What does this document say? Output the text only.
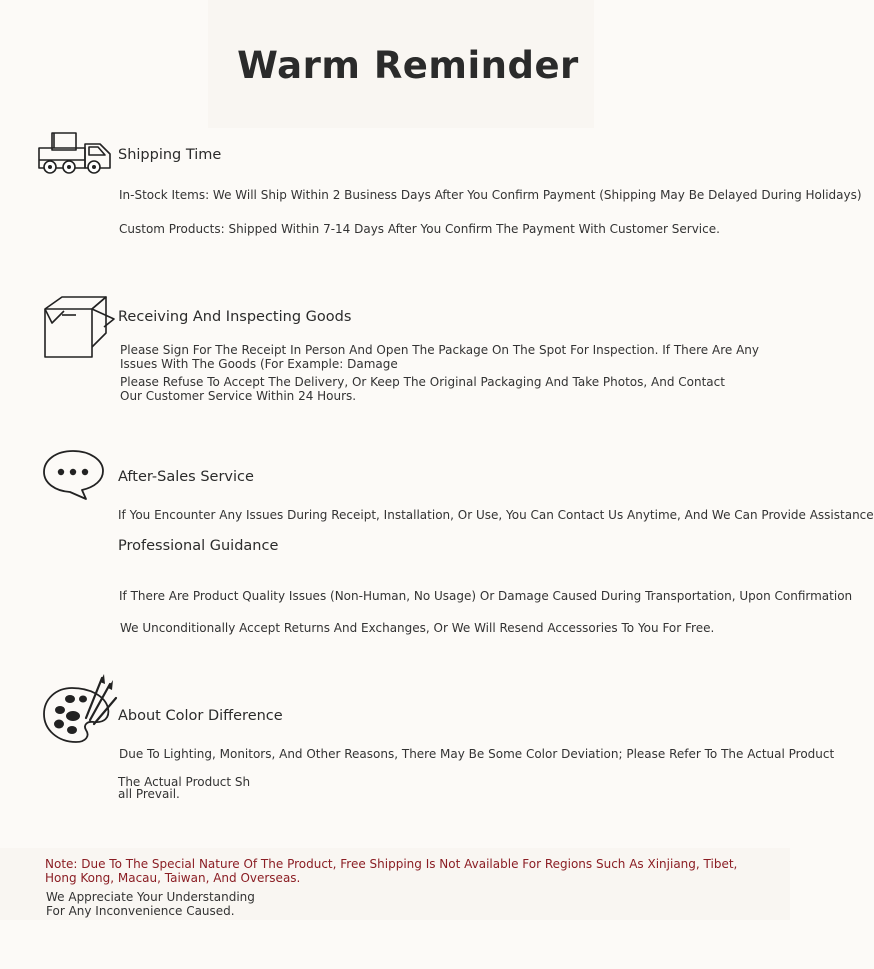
Warm Reminder
Shipping Time
In-Stock Items: We Will Ship Within 2 Business Days After You Confirm Payment (Shipping May Be Delayed During Holidays)
Custom Products: Shipped Within 7-14 Days After You Confirm The Payment With Customer Service.
Receiving And Inspecting Goods
Please Sign For The Receipt In Person And Open The Package On The Spot For Inspection. If There Are Any Issues With The Goods (For Example: Damage
Please Refuse To Accept The Delivery, Or Keep The Original Packaging And Take Photos, And Contact Our Customer Service Within 24 Hours.
After-Sales Service
If You Encounter Any Issues During Receipt, Installation, Or Use, You Can Contact Us Anytime, And We Can Provide Assistance
Professional Guidance
If There Are Product Quality Issues (Non-Human, No Usage) Or Damage Caused During Transportation, Upon Confirmation
We Unconditionally Accept Returns And Exchanges, Or We Will Resend Accessories To You For Free.
About Color Difference
Due To Lighting, Monitors, And Other Reasons, There May Be Some Color Deviation; Please Refer To The Actual Product
The Actual Product Sh
all Prevail.
Note: Due To The Special Nature Of The Product, Free Shipping Is Not Available For Regions Such As Xinjiang, Tibet, Hong Kong, Macau, Taiwan, And Overseas.
We Appreciate Your Understanding For Any Inconvenience Caused.
